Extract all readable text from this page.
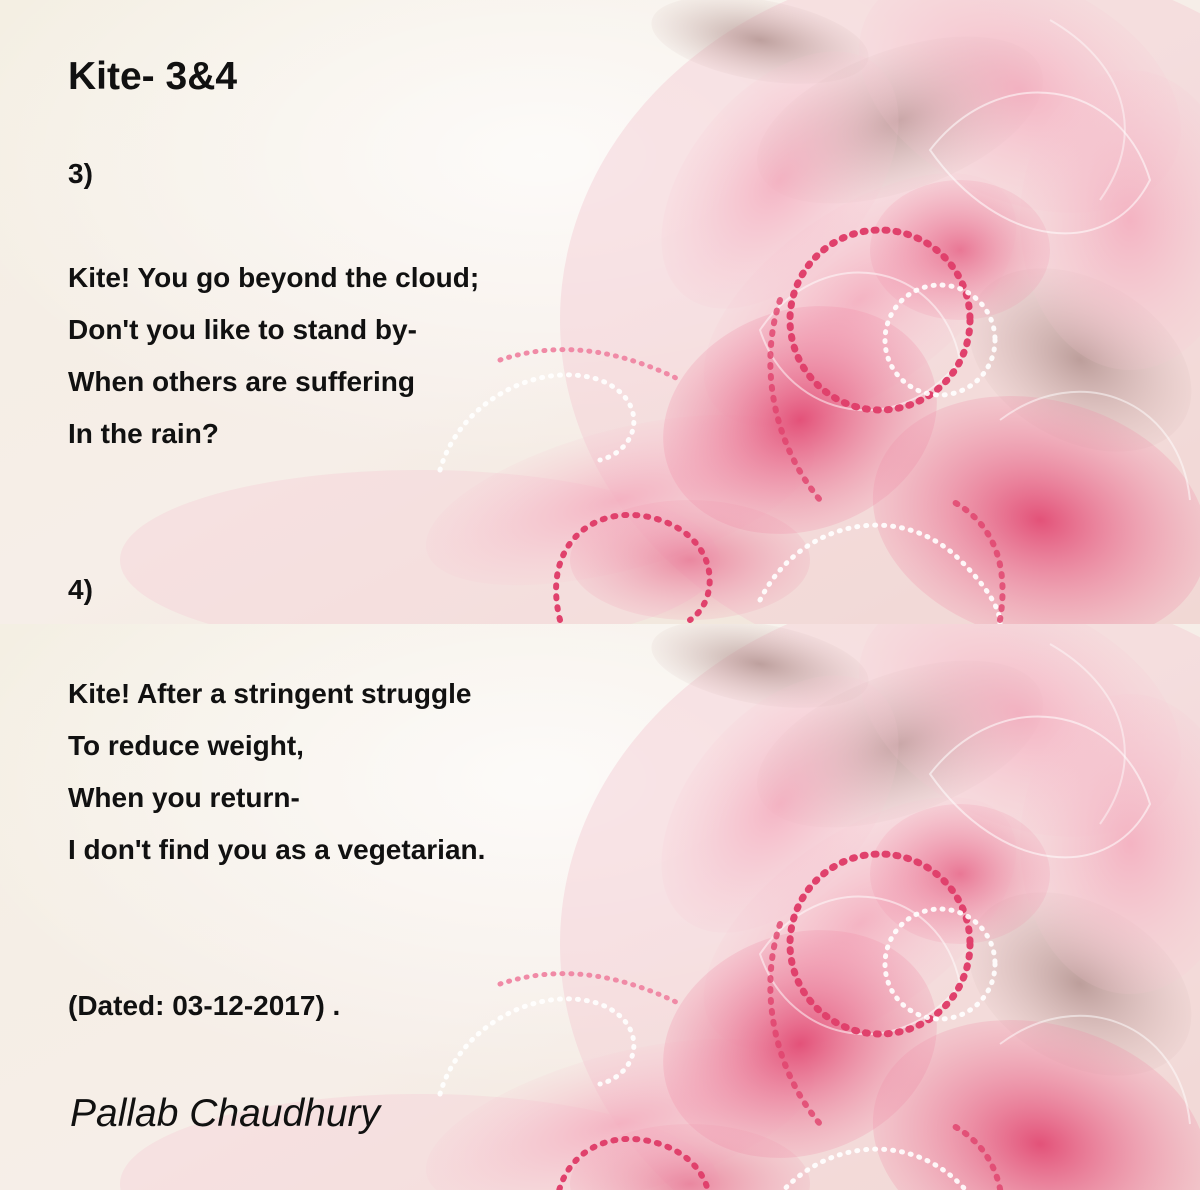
Kite- 3&4
3)
Kite! You go beyond the cloud;
Don't you like to stand by-
When others are suffering
In the rain?
4)
Kite! After a stringent struggle
To reduce weight,
When you return-
I don't find you as a vegetarian.
(Dated: 03-12-2017) .
Pallab Chaudhury
